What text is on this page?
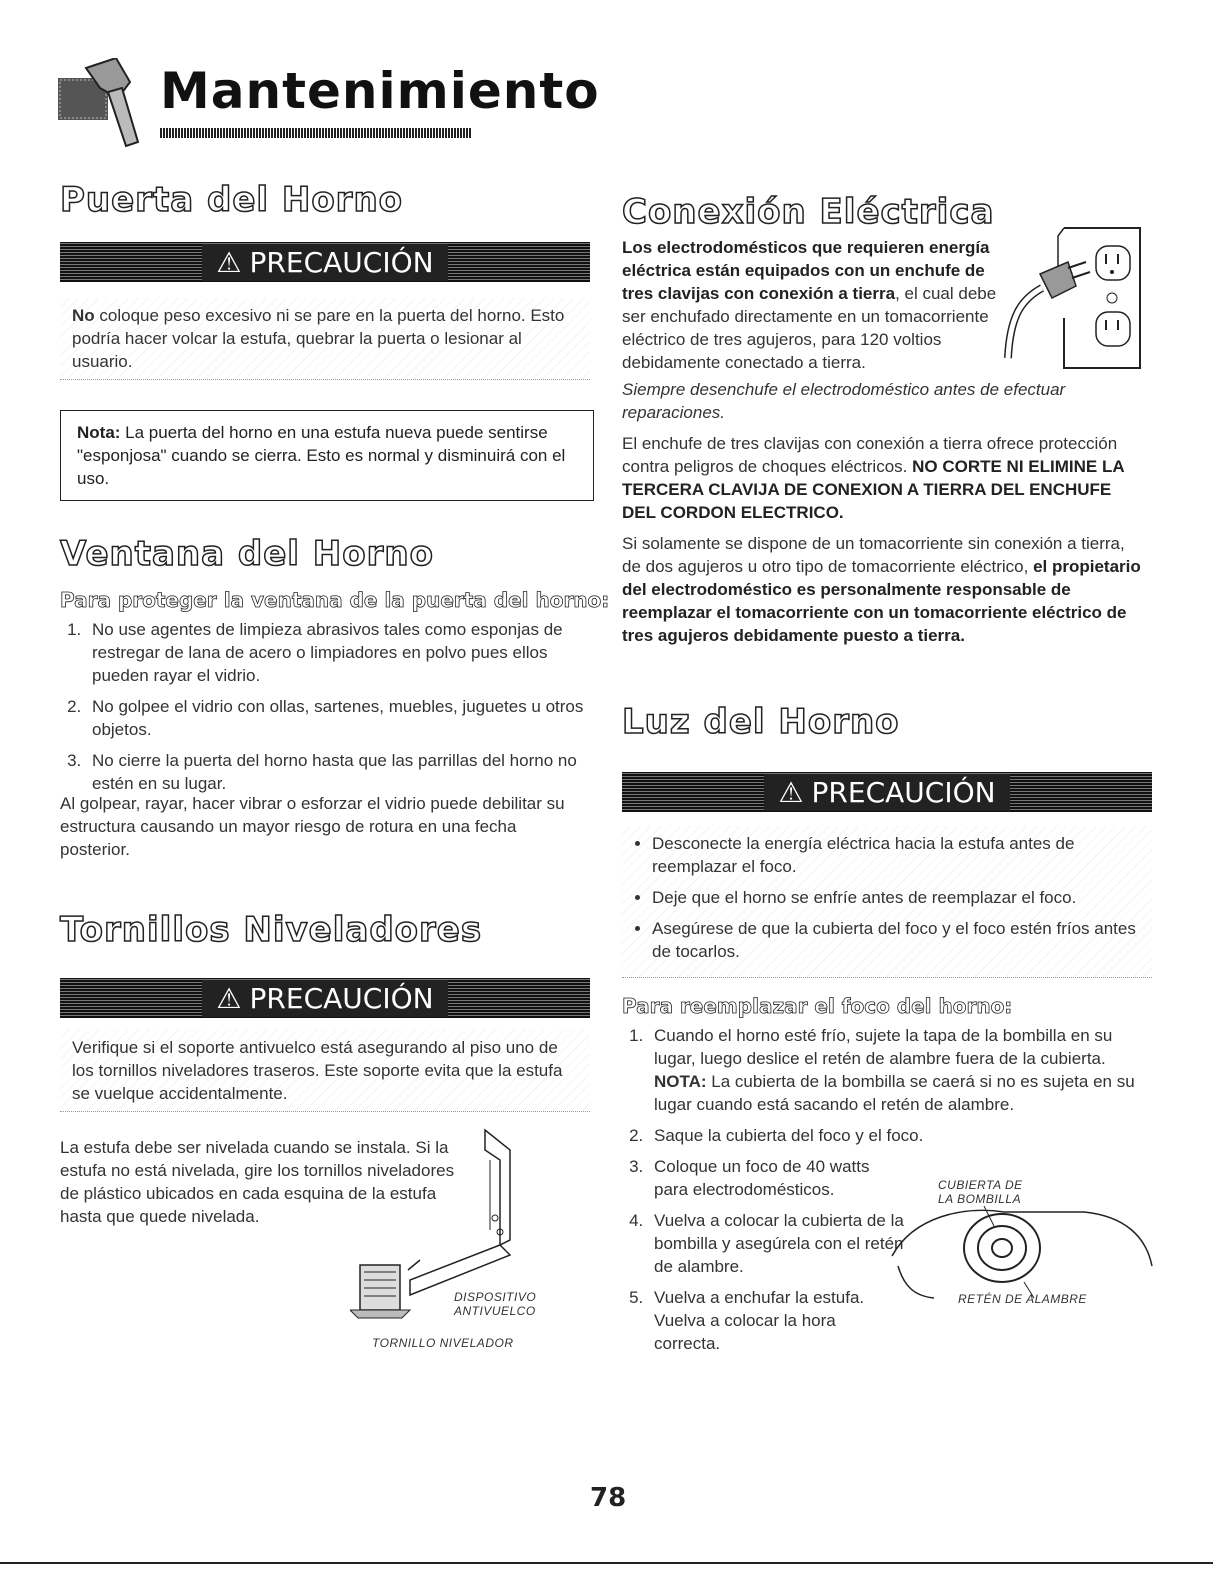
Mantenimiento
Puerta del Horno
⚠ PRECAUCIÓN
No coloque peso excesivo ni se pare en la puerta del horno. Esto podría hacer volcar la estufa, quebrar la puerta o lesionar al usuario.
Nota: La puerta del horno en una estufa nueva puede sentirse "esponjosa" cuando se cierra. Esto es normal y disminuirá con el uso.
Ventana del Horno
Para proteger la ventana de la puerta del horno:
1. No use agentes de limpieza abrasivos tales como esponjas de restregar de lana de acero o limpiadores en polvo pues ellos pueden rayar el vidrio.
2. No golpee el vidrio con ollas, sartenes, muebles, juguetes u otros objetos.
3. No cierre la puerta del horno hasta que las parrillas del horno no estén en su lugar.

Al golpear, rayar, hacer vibrar o esforzar el vidrio puede debilitar su estructura causando un mayor riesgo de rotura en una fecha posterior.

Tornillos Niveladores
⚠ PRECAUCIÓN
Verifique si el soporte antivuelco está asegurando al piso uno de los tornillos niveladores traseros. Este soporte evita que la estufa se vuelque accidentalmente.

La estufa debe ser nivelada cuando se instala. Si la estufa no está nivelada, gire los tornillos niveladores de plástico ubicados en cada esquina de la estufa hasta que quede nivelada.

DISPOSITIVO
ANTIVUELCO
TORNILLO NIVELADOR
Conexión Eléctrica

Los electrodomésticos que requieren energía eléctrica están equipados con un enchufe de tres clavijas con conexión a tierra, el cual debe ser enchufado directamente en un tomacorriente eléctrico de tres agujeros, para 120 voltios debidamente conectado a tierra.

Siempre desenchufe el electrodoméstico antes de efectuar reparaciones.

El enchufe de tres clavijas con conexión a tierra ofrece protección contra peligros de choques eléctricos. NO CORTE NI ELIMINE LA TERCERA CLAVIJA DE CONEXION A TIERRA DEL ENCHUFE DEL CORDON ELECTRICO.

Si solamente se dispone de un tomacorriente sin conexión a tierra, de dos agujeros u otro tipo de tomacorriente eléctrico, el propietario del electrodoméstico es personalmente responsable de reemplazar el tomacorriente con un tomacorriente eléctrico de tres agujeros debidamente puesto a tierra.

Luz del Horno
⚠ PRECAUCIÓN
• Desconecte la energía eléctrica hacia la estufa antes de reemplazar el foco.
• Deje que el horno se enfríe antes de reemplazar el foco.
• Asegúrese de que la cubierta del foco y el foco estén fríos antes de tocarlos.
Para reemplazar el foco del horno:
1. Cuando el horno esté frío, sujete la tapa de la bombilla en su lugar, luego deslice el retén de alambre fuera de la cubierta.
NOTA: La cubierta de la bombilla se caerá si no es sujeta en su lugar cuando está sacando el retén de alambre.
2. Saque la cubierta del foco y el foco.
3. Coloque un foco de 40 watts para electrodomésticos.
4. Vuelva a colocar la cubierta de la bombilla y asegúrela con el retén de alambre.
5. Vuelva a enchufar la estufa. Vuelva a colocar la hora correcta.
CUBIERTA DE
LA BOMBILLA
RETÉN DE ALAMBRE
78
